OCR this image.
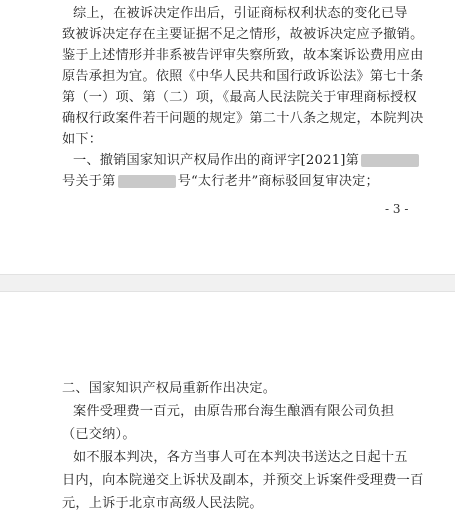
综上，在被诉决定作出后，引证商标权利状态的变化已导
致被诉决定存在主要证据不足之情形，故被诉决定应予撤销。
鉴于上述情形并非系被告评审失察所致，故本案诉讼费用应由
原告承担为宜。依照《中华人民共和国行政诉讼法》第七十条
第（一）项、第（二）项，《最高人民法院关于审理商标授权
确权行政案件若干问题的规定》第二十八条之规定，本院判决
如下：
一、撤销国家知识产权局作出的商评字[2021]第
号关于第	号“太行老井”商标驳回复审决定；
- 3 -
二、国家知识产权局重新作出决定。
案件受理费一百元，由原告邢台海生酿酒有限公司负担
（已交纳）。
如不服本判决，各方当事人可在本判决书送达之日起十五
日内，向本院递交上诉状及副本，并预交上诉案件受理费一百
元，上诉于北京市高级人民法院。
